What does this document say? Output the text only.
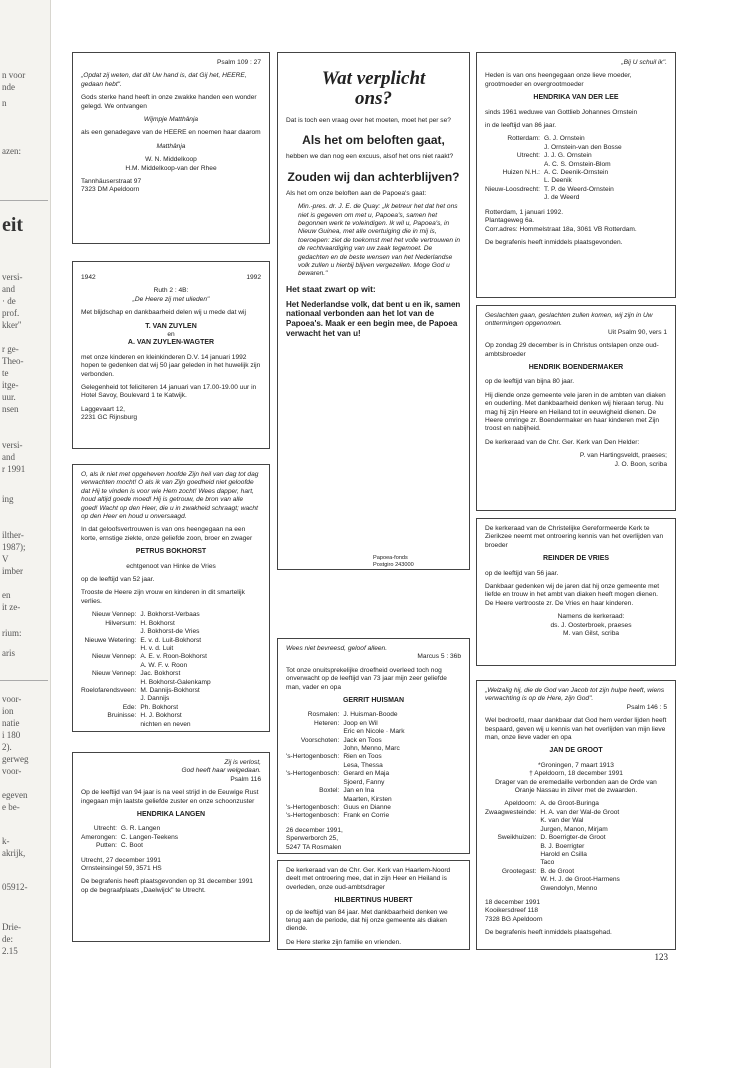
n voor
nde
n
azen:
eit
versi-
and
· de
prof.
kker''
r ge-
Theo-
te
itge-
uur.
nsen
versi-
and
r 1991
ing
ilther-
1987);
V
imber
en
it ze-
rium:
aris
voor-
ion
natie
i 180
2).
gerweg
voor-
egeven
e be-
k-
akrijk,
05912-
Drie-
de:
2.15

Psalm 109 : 27

„Opdat zij weten, dat dit Uw hand is, dat Gij het, HEERE, gedaan hebt".

Gods sterke hand heeft in onze zwakke handen een wonder gelegd. We ontvangen

Wijmpje Matthânja

als een genadegave van de HEERE en noemen haar daarom

Matthânja

W. N. Middelkoop

H.M. Middelkoop-van der Rhee

Tannhäuserstraat 97
7323 DM Apeldoorn

1942	1992

Ruth 2 : 4B:

„De Heere zij met ulieden"

Met blijdschap en dankbaarheid delen wij u mede dat wij

T. VAN ZUYLEN
en
A. VAN ZUYLEN-WAGTER

met onze kinderen en kleinkinderen D.V. 14 januari 1992 hopen te gedenken dat wij 50 jaar geleden in het huwelijk zijn verbonden.

Gelegenheid tot feliciteren 14 januari van 17.00-19.00 uur in Hotel Savoy, Boulevard 1 te Katwijk.

Laggevaart 12,
2231 GC Rijnsburg

O, als ik niet met opgeheven hoofde Zijn heil van dag tot dag verwachten mocht! O als ik van Zijn goedheid niet geloofde dat Hij te vinden is voor wie Hem zocht! Wees dapper, hart, houd altijd goede moed! Hij is getrouw, de bron van alle goed! Wacht op den Heer, die u in zwakheid schraagt; wacht op den Heer en houd u onversaagd.

In dat geloofsvertrouwen is van ons heengegaan na een korte, ernstige ziekte, onze geliefde zoon, broer en zwager

PETRUS BOKHORST

echtgenoot van Hinke de Vries

op de leeftijd van 52 jaar.

Trooste de Heere zijn vrouw en kinderen in dit smartelijk verlies.

Nieuw Vennep: J. Bokhorst-Verbaas
Hilversum: H. Bokhorst
J. Bokhorst-de Vries
Nieuwe Wetering: E. v. d. Luit-Bokhorst
H. v. d. Luit
Nieuw Vennep: A. E. v. Roon-Bokhorst
A. W. F. v. Roon
Nieuw Vennep: Jac. Bokhorst
H. Bokhorst-Galenkamp
Roelofarendsveen: M. Dannijs-Bokhorst
J. Dannijs
Ede: Ph. Bokhorst
Bruinisse: H. J. Bokhorst
nichten en neven

Zij is verlost,
God heeft haar welgedaan.

Psalm 116

Op de leeftijd van 94 jaar is na veel strijd in de Eeuwige Rust ingegaan mijn laatste geliefde zuster en onze schoonzuster

HENDRIKA LANGEN
Utrecht: G. R. Langen
Amerongen: C. Langen-Teekens
Putten: C. Boot
Utrecht, 27 december 1991

Ornsteinsingel 59, 3571 HS

De begrafenis heeft plaatsgevonden op 31 december 1991 op de begraafplaats „Daelwijck" te Utrecht.
Wat verplicht ons?

Dat is toch een vraag over het moeten, moet het per se?

Als het om beloften gaat,

hebben we dan nog een excuus, alsof het ons niet raakt?

Zouden wij dan achterblijven?

Als het om onze beloften aan de Papoea's gaat:

Min.-pres. dr. J. E. de Quay: „Ik betreur het dat het ons niet is gegeven om met u, Papoea's, samen het begonnen werk te voleindigen. Ik wil u, Papoea's, in Nieuw Guinea, met alle overtuiging die in mij is, toeroepen: ziet de toekomst met het volle vertrouwen in de rechtvaardiging van uw zaak tegemoet. De gedachten en de beste wensen van het Nederlandse volk zullen u hierbij blijven vergezellen. Moge God u bewaren."

Het staat zwart op wit:
Het Nederlandse volk, dat bent u en ik, samen nationaal verbonden aan het lot van de Papoea's. Maak er een begin mee, de Papoea verwacht het van u!
Papoea-fonds
Postgiro 243000

Wees niet bevreesd, geloof alleen.

Marcus 5 : 36b

Tot onze onuitsprekelijke droefheid overleed toch nog onverwacht op de leeftijd van 73 jaar mijn zeer geliefde man, vader en opa

GERRIT HUISMAN
Rosmalen: J. Huisman-Boode
Heteren: Joop en Wil
Eric en Nicole · Mark
Voorschoten: Jack en Toos
John, Menno, Marc
's-Hertogenbosch: Rien en Toos
Lesa, Thessa
's-Hertogenbosch: Gerard en Maja
Sjoerd, Fanny
Boxtel: Jan en Ina
Maarten, Kirsten
's-Hertogenbosch: Guus en Dianne
's-Hertogenbosch: Frank en Corrie
26 december 1991,
Sperwerborch 25,

5247 TA Rosmalen

De kerkeraad van de Chr. Ger. Kerk van Haarlem-Noord deelt met ontroering mee, dat in zijn Heer en Heiland is overleden, onze oud-ambtsdrager

HILBERTINUS HUBERT

op de leeftijd van 84 jaar. Met dankbaarheid denken we terug aan de periode, dat hij onze gemeente als diaken diende.

De Here sterke zijn familie en vrienden.

„Bij U schuil ik".

Heden is van ons heengegaan onze lieve moeder, grootmoeder en overgrootmoeder

HENDRIKA VAN DER LEE

sinds 1961 weduwe van Gottlieb Johannes Ornstein

in de leeftijd van 86 jaar.

Rotterdam: G. J. Ornstein
J. Ornstein-van den Bosse
Utrecht: J. J. G. Ornstein
A. C. S. Ornstein-Blom
Huizen N.H.: A. C. Deenik-Ornstein
L. Deenik
Nieuw-Loosdrecht: T. P. de Weerd-Ornstein
J. de Weerd
Rotterdam, 1 januari 1992.
Plantageweg 6a.

Corr.adres: Hommelstraat 18a, 3061 VB Rotterdam.

De begrafenis heeft inmiddels plaatsgevonden.
Geslachten gaan, geslachten zullen komen, wij zijn in Uw onttermingen opgenomen.

Uit Psalm 90, vers 1

Op zondag 29 december is in Christus ontslapen onze oud-ambtsbroeder

HENDRIK BOENDERMAKER

op de leeftijd van bijna 80 jaar.

Hij diende onze gemeente vele jaren in de ambten van diaken en ouderling. Met dankbaarheid denken wij hieraan terug. Nu mag hij zijn Heere en Heiland tot in eeuwigheid dienen. De Heere omringe zr. Boendermaker en haar kinderen met Zijn troost en nabijheid.

De kerkeraad van de Chr. Ger. Kerk van Den Helder:

P. van Hartingsveldt, praeses;
J. O. Boon, scriba

De kerkeraad van de Christelijke Gereformeerde Kerk te Zierikzee neemt met ontroering kennis van het overlijden van broeder

REINDER DE VRIES

op de leeftijd van 56 jaar.

Dankbaar gedenken wij de jaren dat hij onze gemeente met liefde en trouw in het ambt van diaken heeft mogen dienen. De Heere vertrooste zr. De Vries en haar kinderen.

Namens de kerkeraad:
ds. J. Oosterbroek, praeses
M. van Gilst, scriba
„Welzalig hij, die de God van Jacob tot zijn hulpe heeft, wiens verwachting is op de Here, zijn God".

Psalm 146 : 5

Wel bedroefd, maar dankbaar dat God hem verder lijden heeft bespaard, geven wij u kennis van het overlijden van mijn lieve man, onze lieve vader en opa

JAN DE GROOT
*Groningen, 7 maart 1913
† Apeldoorn, 18 december 1991

Drager van de eremedaille verbonden aan de Orde van Oranje Nassau in zilver met de zwaarden.

Apeldoorn: A. de Groot-Buringa
Zwaagwesteinde: H. A. van der Wal-de Groot
K. van der Wal
Jurgen, Manon, Mirjam
Sweikhuizen: D. Boerrigter-de Groot
B. J. Boerrigter
Harold en Csilla
Taco
Grootegast: B. de Groot
W. H. J. de Groot-Harmens
Gwendolyn, Menno
18 december 1991
Kooikersdreef 118

7328 BG Apeldoorn

De begrafenis heeft inmiddels plaatsgehad.
123
